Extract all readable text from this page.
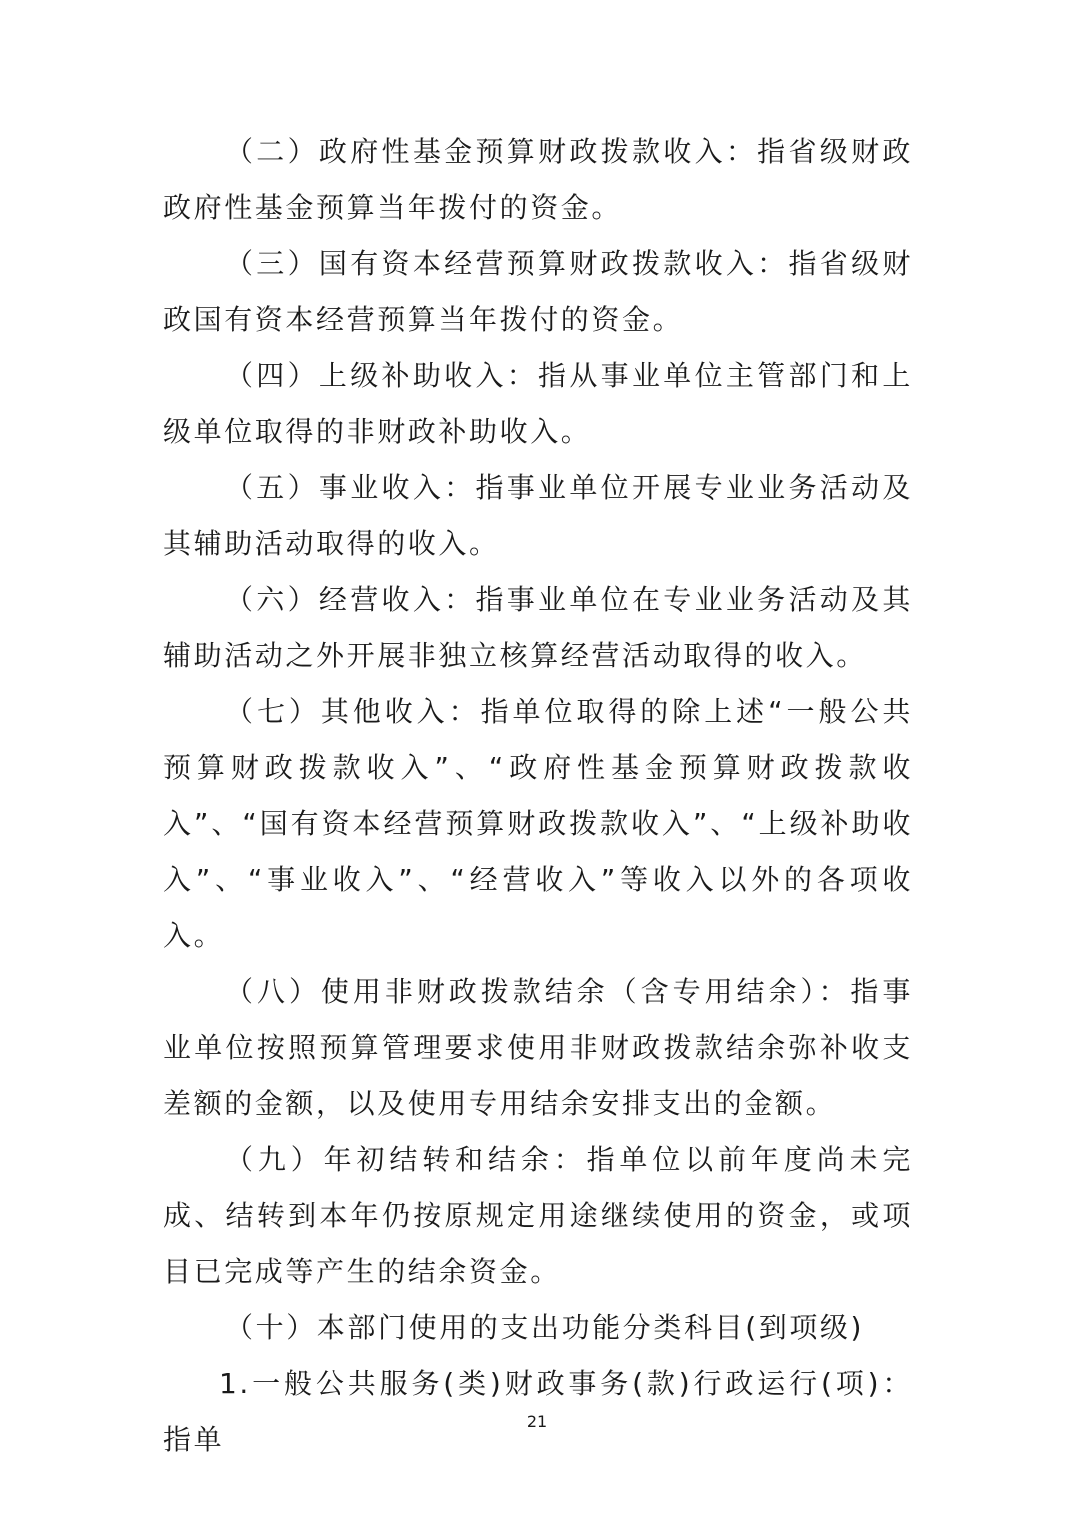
（二）政府性基金预算财政拨款收入：指省级财政政府性基金预算当年拨付的资金。

（三）国有资本经营预算财政拨款收入：指省级财政国有资本经营预算当年拨付的资金。

（四）上级补助收入：指从事业单位主管部门和上级单位取得的非财政补助收入。

（五）事业收入：指事业单位开展专业业务活动及其辅助活动取得的收入。

（六）经营收入：指事业单位在专业业务活动及其辅助活动之外开展非独立核算经营活动取得的收入。

（七）其他收入：指单位取得的除上述“一般公共预算财政拨款收入”、“政府性基金预算财政拨款收入”、“国有资本经营预算财政拨款收入”、“上级补助收入”、“事业收入”、“经营收入”等收入以外的各项收入。

（八）使用非财政拨款结余（含专用结余）：指事业单位按照预算管理要求使用非财政拨款结余弥补收支差额的金额，以及使用专用结余安排支出的金额。

（九）年初结转和结余：指单位以前年度尚未完成、结转到本年仍按原规定用途继续使用的资金，或项目已完成等产生的结余资金。

（十）本部门使用的支出功能分类科目(到项级)

1.一般公共服务(类)财政事务(款)行政运行(项)：指单

21
